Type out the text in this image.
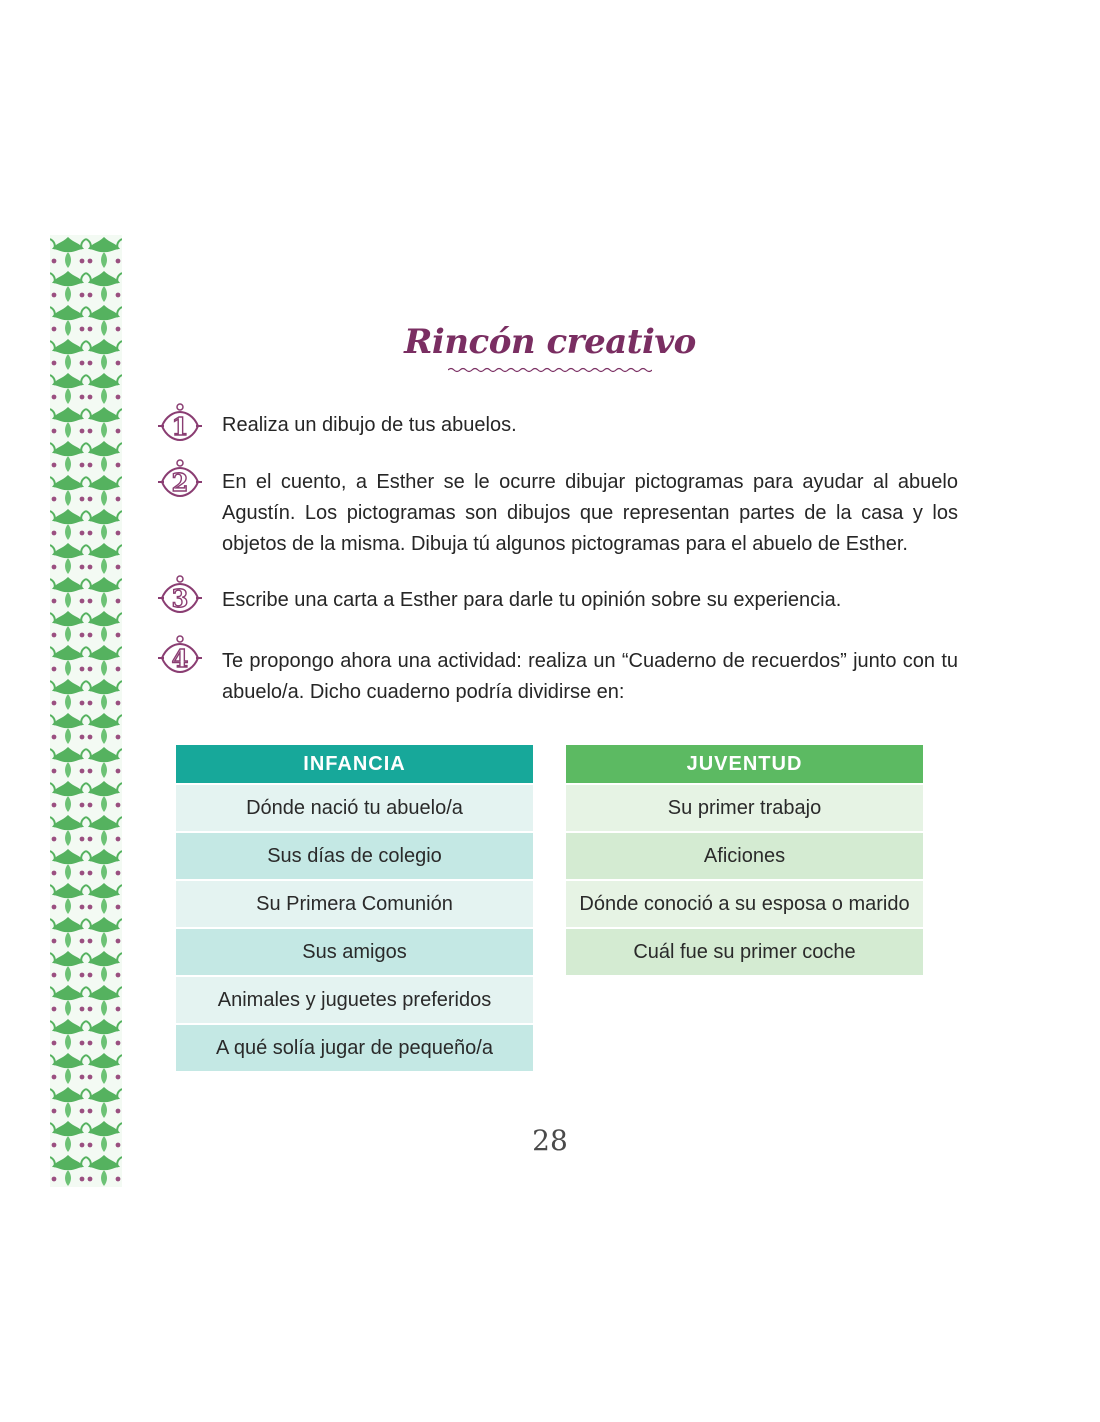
Rincón creativo
1 Realiza un dibujo de tus abuelos.
2 En el cuento, a Esther se le ocurre dibujar pictogramas para ayudar al abuelo Agustín. Los pictogramas son dibujos que representan partes de la casa y los objetos de la misma. Dibuja tú algunos pictogramas para el abuelo de Esther.
3 Escribe una carta a Esther para darle tu opinión sobre su experiencia.
4 Te propongo ahora una actividad: realiza un “Cuaderno de recuerdos” junto con tu abuelo/a. Dicho cuaderno podría dividirse en:
INFANCIA
Dónde nació tu abuelo/a
Sus días de colegio
Su Primera Comunión
Sus amigos
Animales y juguetes preferidos
A qué solía jugar de pequeño/a
JUVENTUD
Su primer trabajo
Aficiones
Dónde conoció a su esposa o marido
Cuál fue su primer coche
28
